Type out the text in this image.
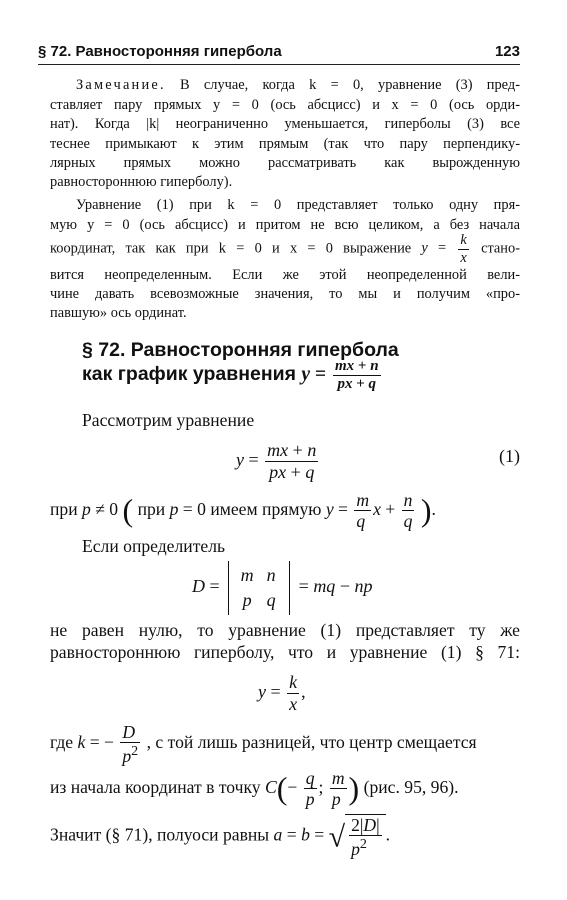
§ 72. Равносторонняя гипербола	123
Замечание. В случае, когда k = 0, уравнение (3) пред-
ставляет пару прямых y = 0 (ось абсцисс) и x = 0 (ось орди-
нат). Когда |k| неограниченно уменьшается, гиперболы (3) все
теснее примыкают к этим прямым (так что пару перпендику-
лярных прямых можно рассматривать как вырожденную
равностороннюю гиперболу).
Уравнение (1) при k = 0 представляет только одну пря-
мую y = 0 (ось абсцисс) и притом не всю целиком, а без начала
координат, так как при k = 0 и x = 0 выражение $y = \frac{k}{x}$ стано-
вится неопределенным. Если же этой неопределенной вели-
чине давать всевозможные значения, то мы и получим «про-
павшую» ось ординат.
§ 72. Равносторонняя гипербола
как график уравнения $y = \frac{mx + n}{px + q}$
Рассмотрим уравнение
$y = \frac{mx + n}{px + q}$	(1)
при p ≠ 0 ( при p = 0 имеем прямую $y = \frac{m}{q}$ $x + \frac{n}{q}$ ).
Если определитель
D = m n
p q = mq − np
не равен нулю, то уравнение (1) представляет ту же
равностороннюю гиперболу, что и уравнение (1) § 71:
$y = \frac{k}{x}$ ,
где k = − $\frac{D}{p^2}$ , с той лишь разницей, что центр смещается
из начала координат в точку $C(- \frac{q}{p}$ ; $\frac{m}{p}$ ) (рис. 95, 96).
Значит (§ 71), полуоси равны a = b = √ $\frac{2|D|}{p^2}$ .
